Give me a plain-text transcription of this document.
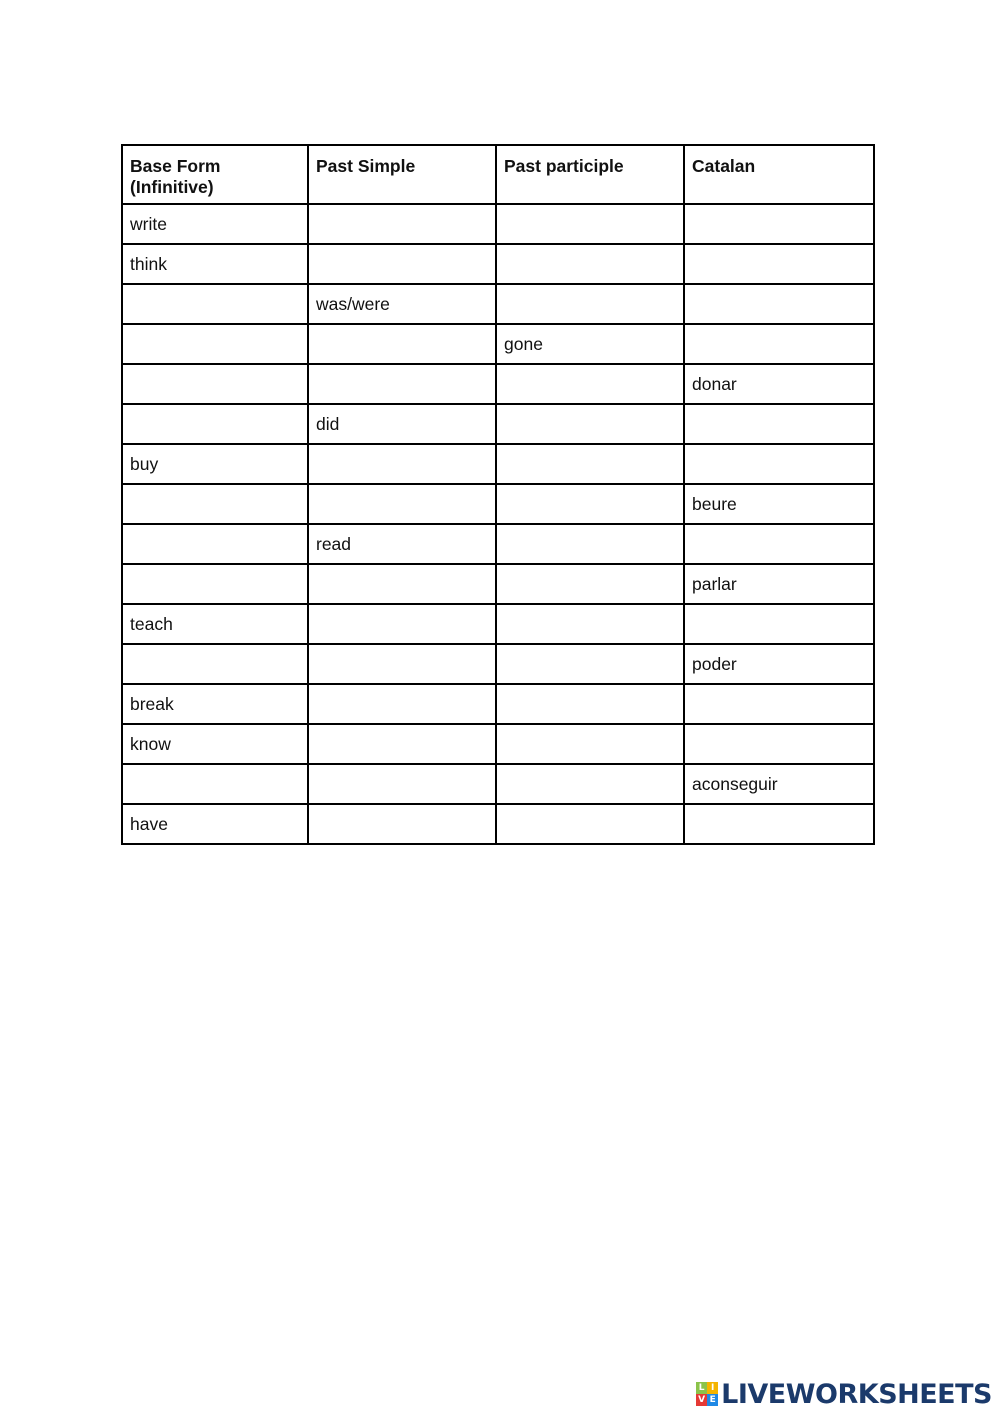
Base Form
(Infinitive)	Past Simple	Past participle	Catalan
write			
think			
	was/were		
		gone	
			donar
	did		
buy			
			beure
	read		
			parlar
teach			
			poder
break			
know			
			aconseguir
have			
L I
V E LIVEWORKSHEETS
